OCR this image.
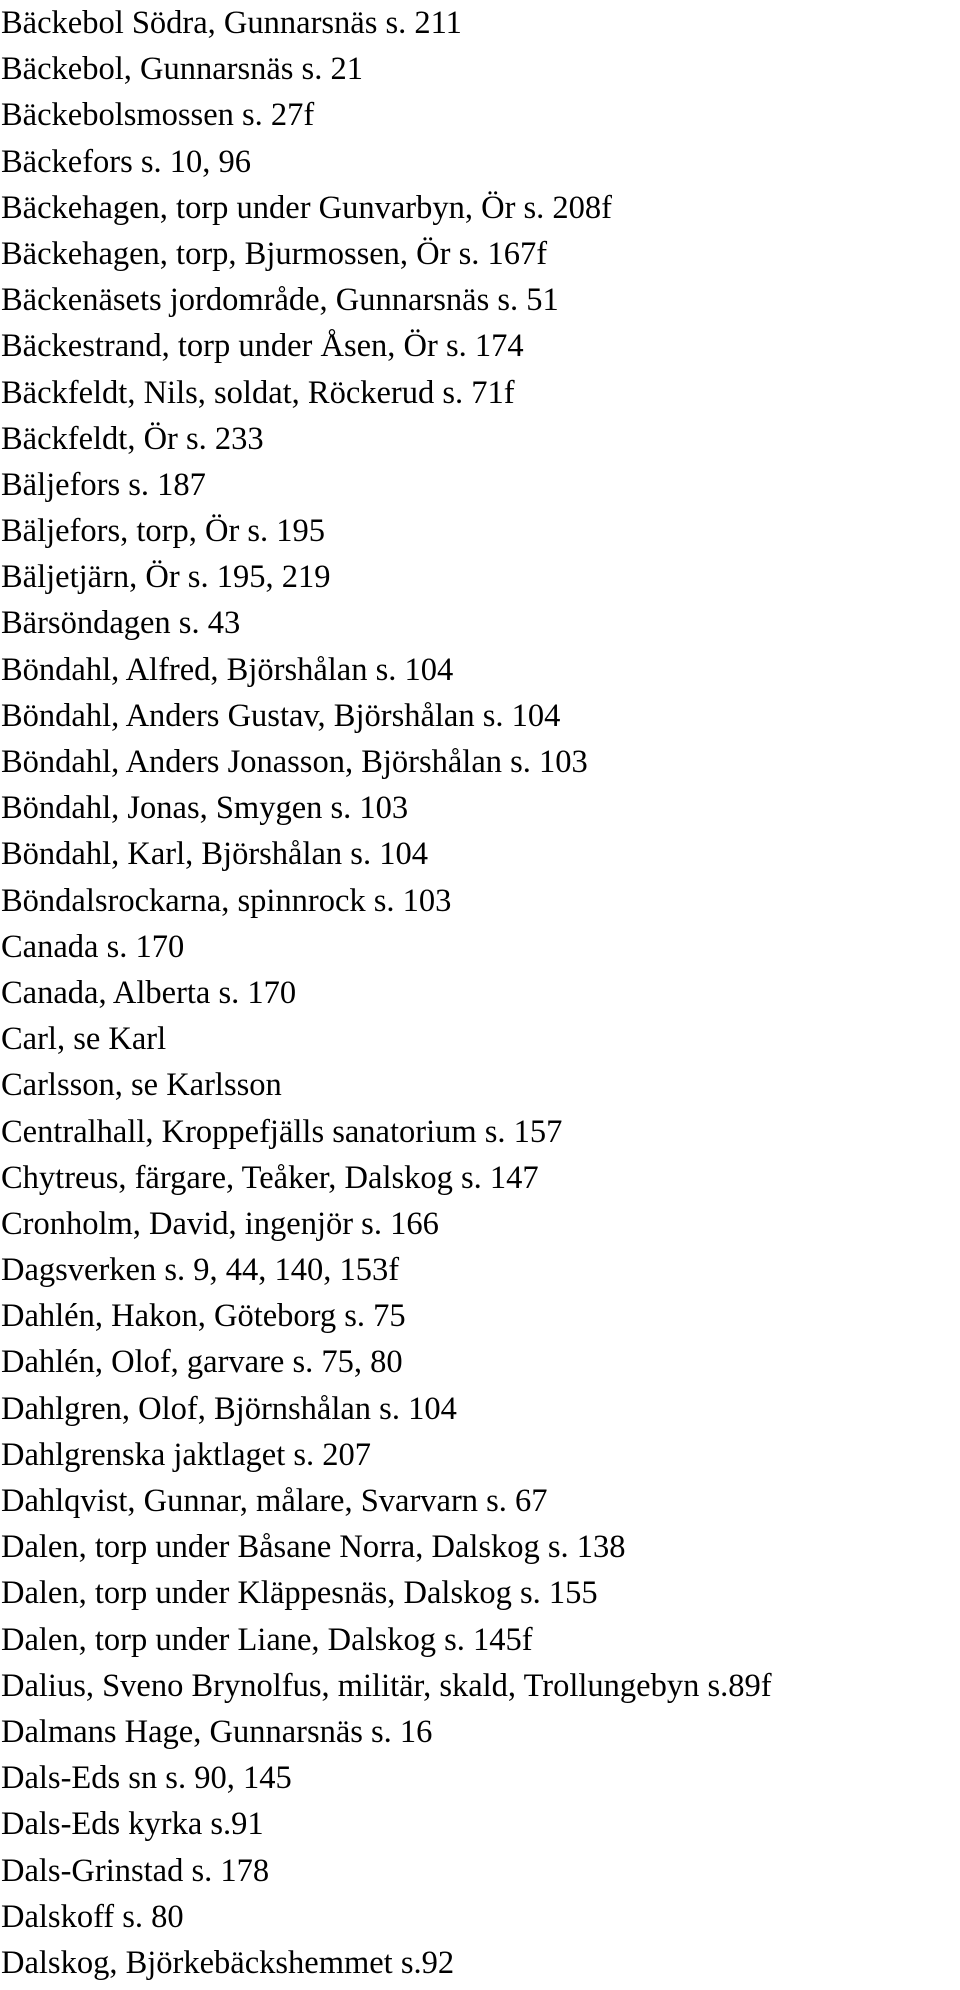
Bäckebol Södra, Gunnarsnäs s. 211
Bäckebol, Gunnarsnäs s. 21
Bäckebolsmossen s. 27f
Bäckefors s. 10, 96
Bäckehagen, torp under Gunvarbyn, Ör s. 208f
Bäckehagen, torp, Bjurmossen, Ör s. 167f
Bäckenäsets jordområde, Gunnarsnäs s. 51
Bäckestrand, torp under Åsen, Ör s. 174
Bäckfeldt, Nils, soldat, Röckerud s. 71f
Bäckfeldt, Ör s. 233
Bäljefors s. 187
Bäljefors, torp, Ör s. 195
Bäljetjärn, Ör s. 195, 219
Bärsöndagen s. 43
Böndahl, Alfred, Björshålan s. 104
Böndahl, Anders Gustav, Björshålan s. 104
Böndahl, Anders Jonasson, Björshålan s. 103
Böndahl, Jonas, Smygen s. 103
Böndahl, Karl, Björshålan s. 104
Böndalsrockarna, spinnrock s. 103
Canada s. 170
Canada, Alberta s. 170
Carl, se Karl
Carlsson, se Karlsson
Centralhall, Kroppefjälls sanatorium s. 157
Chytreus, färgare, Teåker, Dalskog s. 147
Cronholm, David, ingenjör s. 166
Dagsverken s. 9, 44, 140, 153f
Dahlén, Hakon, Göteborg s. 75
Dahlén, Olof, garvare s. 75, 80
Dahlgren, Olof, Björnshålan s. 104
Dahlgrenska jaktlaget s. 207
Dahlqvist, Gunnar, målare, Svarvarn s. 67
Dalen, torp under Båsane Norra, Dalskog s. 138
Dalen, torp under Kläppesnäs, Dalskog s. 155
Dalen, torp under Liane, Dalskog s. 145f
Dalius, Sveno Brynolfus, militär, skald, Trollungebyn s.89f
Dalmans Hage, Gunnarsnäs s. 16
Dals-Eds sn s. 90, 145
Dals-Eds kyrka s.91
Dals-Grinstad s. 178
Dalskoff s. 80
Dalskog, Björkebäckshemmet s.92
